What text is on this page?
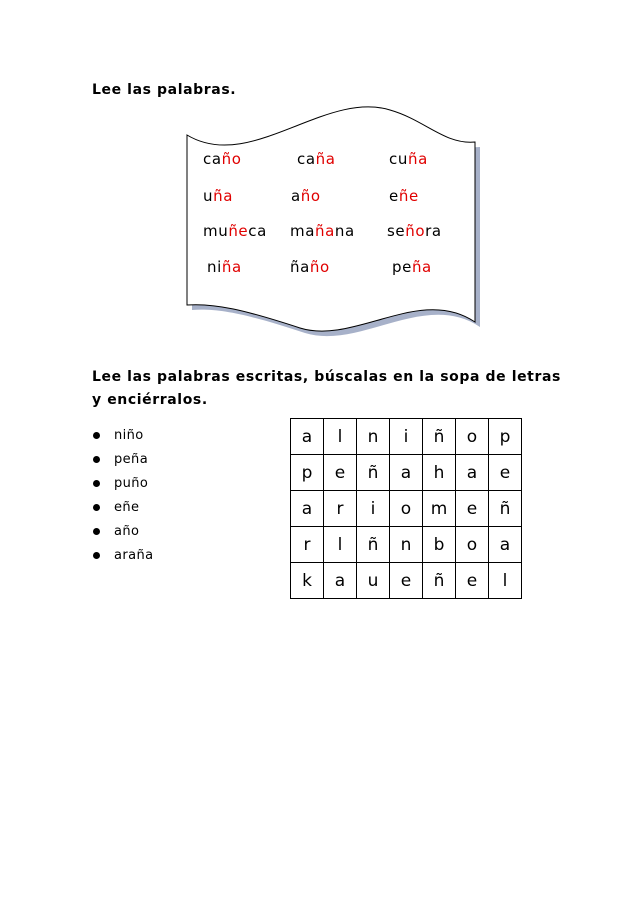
Lee las palabras.
caño	caña	cuña
uña	año	eñe
muñeca mañana señora
niña	ñaño	peña
Lee las palabras escritas, búscalas en la sopa de letras y enciérralos.
niño
peña
puño
eñe
año
araña
a	l	n	i	ñ	o	p
p	e	ñ	a	h	a	e
a	r	i	o	m	e	ñ
r	l	ñ	n	b	o	a
k	a	u	e	ñ	e	l
